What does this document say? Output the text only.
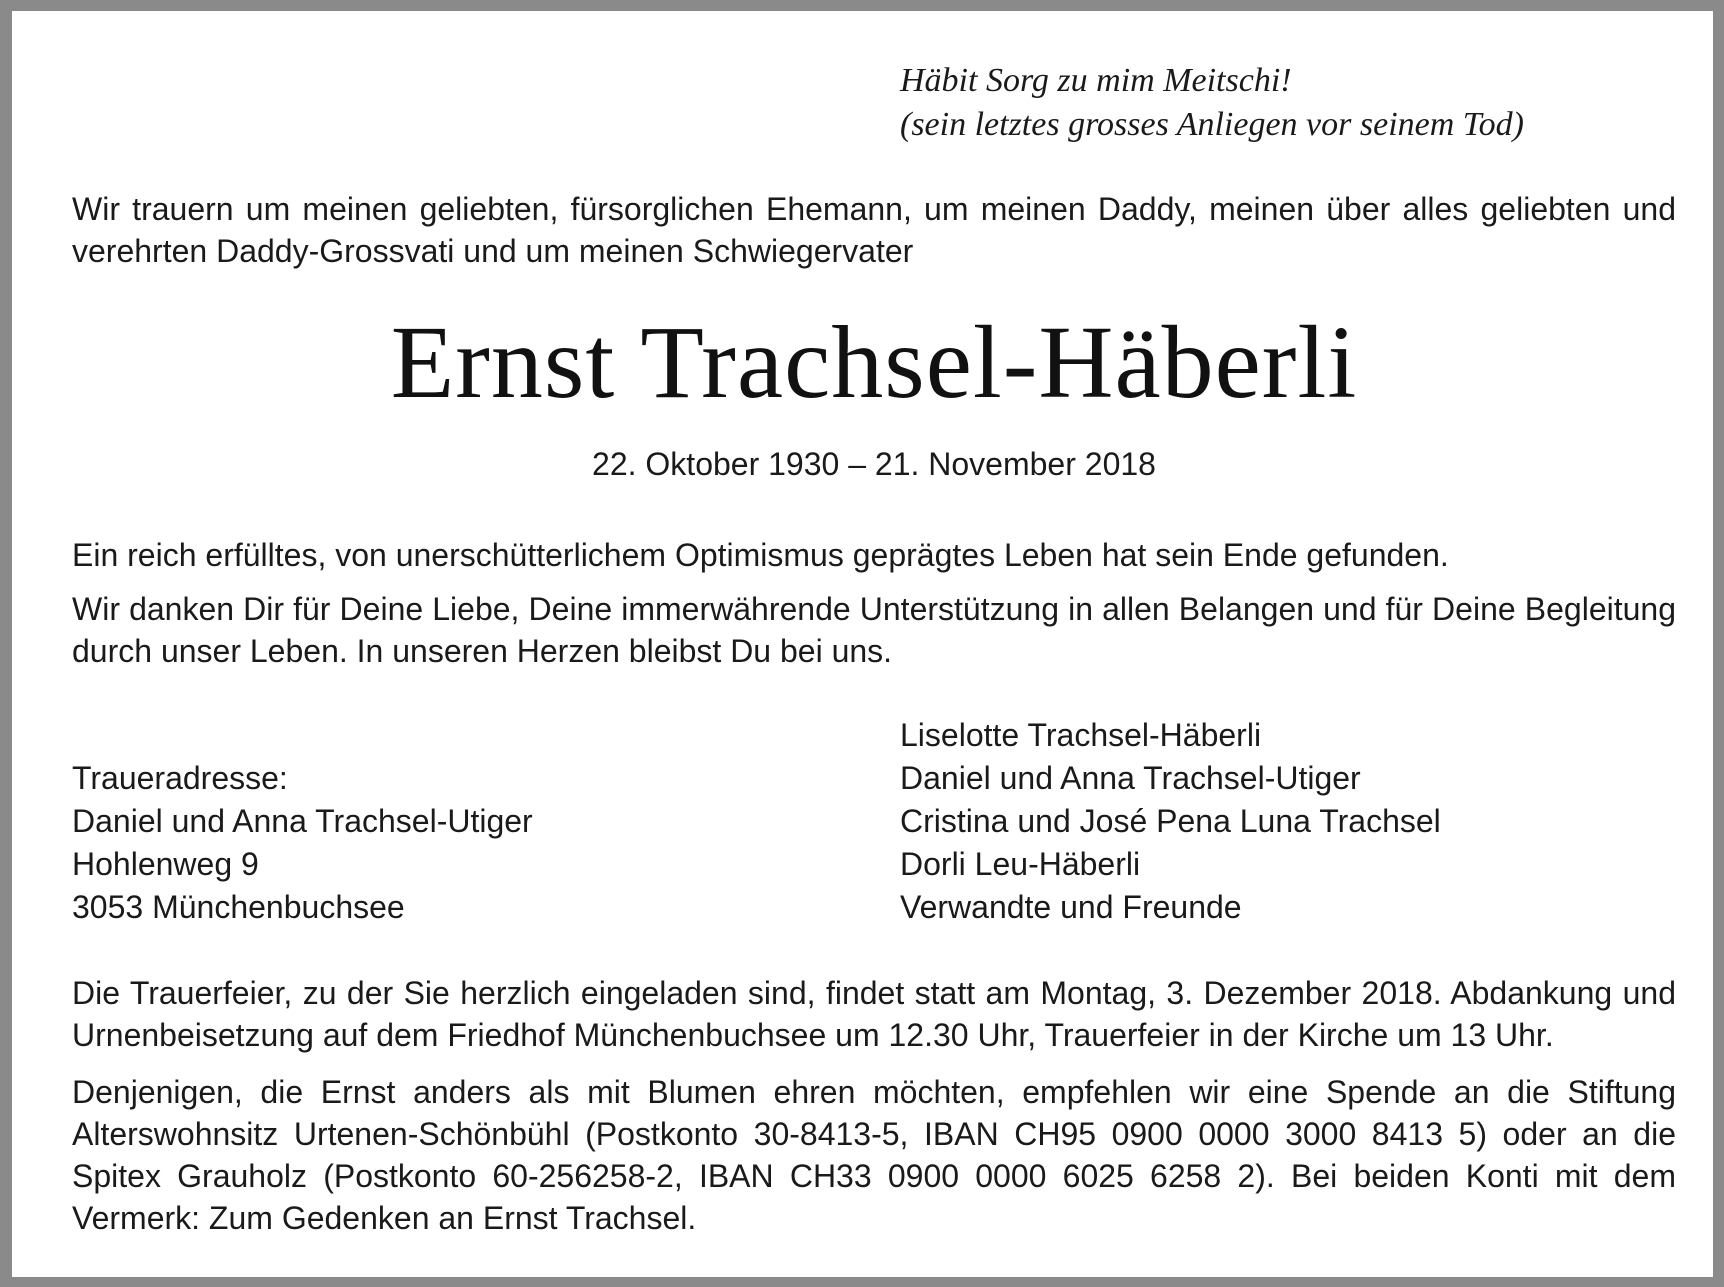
Häbit Sorg zu mim Meitschi!
(sein letztes grosses Anliegen vor seinem Tod)

Wir trauern um meinen geliebten, fürsorglichen Ehemann, um meinen Daddy, meinen über alles geliebten und verehrten Daddy-Grossvati und um meinen Schwiegervater

Ernst Trachsel-Häberli
22. Oktober 1930 – 21. November 2018

Ein reich erfülltes, von unerschütterlichem Optimismus geprägtes Leben hat sein Ende gefunden.

Wir danken Dir für Deine Liebe, Deine immerwährende Unterstützung in allen Belangen und für Deine Begleitung durch unser Leben. In unseren Herzen bleibst Du bei uns.

Traueradresse:
Daniel und Anna Trachsel-Utiger
Hohlenweg 9
3053 Münchenbuchsee
Liselotte Trachsel-Häberli
Daniel und Anna Trachsel-Utiger
Cristina und José Pena Luna Trachsel
Dorli Leu-Häberli
Verwandte und Freunde

Die Trauerfeier, zu der Sie herzlich eingeladen sind, findet statt am Montag, 3. Dezember 2018. Abdankung und Urnenbeisetzung auf dem Friedhof Münchenbuchsee um 12.30 Uhr, Trauerfeier in der Kirche um 13 Uhr.

Denjenigen, die Ernst anders als mit Blumen ehren möchten, empfehlen wir eine Spende an die Stiftung Alterswohnsitz Urtenen-Schönbühl (Postkonto 30-8413-5, IBAN CH95 0900 0000 3000 8413 5) oder an die Spitex Grauholz (Postkonto 60-256258-2, IBAN CH33 0900 0000 6025 6258 2). Bei beiden Konti mit dem Vermerk: Zum Gedenken an Ernst Trachsel.
